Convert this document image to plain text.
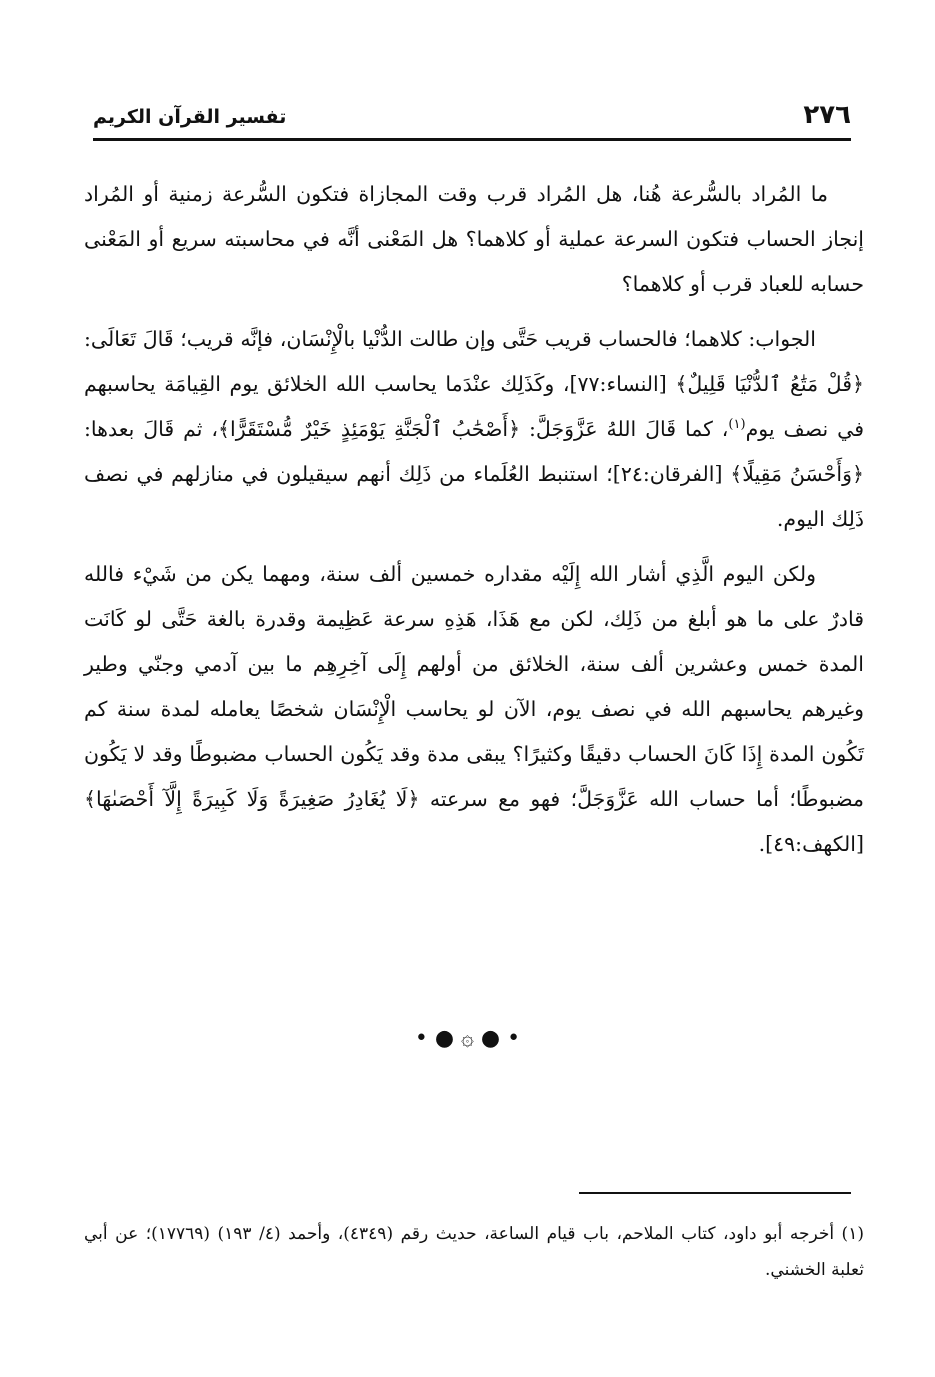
٢٧٦
تفسير القرآن الكريم

ما المُراد بالسُّرعة هُنا، هل المُراد قرب وقت المجازاة فتكون السُّرعة زمنية أو المُراد إنجاز الحساب فتكون السرعة عملية أو كلاهما؟ هل المَعْنى أنَّه في محاسبته سريع أو المَعْنى حسابه للعباد قرب أو كلاهما؟

الجواب: كلاهما؛ فالحساب قريب حَتَّى وإن طالت الدُّنْيا بالْإِنْسَان، فإنَّه قريب؛ قَالَ تَعَالَى: ﴿قُلْ مَتَٰعُ ٱلدُّنْيَا قَلِيلٌ﴾ [النساء:٧٧]، وكَذَلِك عنْدَما يحاسب الله الخلائق يوم القِيامَة يحاسبهم في نصف يوم$^{(١)}$، كما قَالَ اللهُ عَزَّوَجَلَّ: ﴿أَصْحَٰبُ ٱلْجَنَّةِ يَوْمَئِذٍ خَيْرٌ مُّسْتَقَرًّا﴾، ثم قَالَ بعدها: ﴿وَأَحْسَنُ مَقِيلًا﴾ [الفرقان:٢٤]؛ استنبط العُلَماء من ذَلِك أنهم سيقيلون في منازلهم في نصف ذَلِك اليوم.

ولكن اليوم الَّذِي أشار الله إِلَيْه مقداره خمسين ألف سنة، ومهما يكن من شَيْء فالله قادرٌ على ما هو أبلغ من ذَلِك، لكن مع هَذَا، هَذِهِ سرعة عَظِيمة وقدرة بالغة حَتَّى لو كَانَت المدة خمس وعشرين ألف سنة، الخلائق من أولهم إِلَى آخِرِهِم ما بين آدمي وجنّي وطير وغيرهم يحاسبهم الله في نصف يوم، الآن لو يحاسب الْإِنْسَان شخصًا يعامله لمدة سنة كم تَكُون المدة إِذَا كَانَ الحساب دقيقًا وكثيرًا؟ يبقى مدة وقد يَكُون الحساب مضبوطًا وقد لا يَكُون مضبوطًا؛ أما حساب الله عَزَّوَجَلَّ؛ فهو مع سرعته ﴿لَا يُغَادِرُ صَغِيرَةً وَلَا كَبِيرَةً إِلَّآ أَحْصَىٰهَا﴾ [الكهف:٤٩].

• ● ۞ ● •

(١) أخرجه أبو داود، كتاب الملاحم، باب قيام الساعة، حديث رقم (٤٣٤٩)، وأحمد (٤/ ١٩٣) (١٧٧٦٩)؛ عن أبي ثعلبة الخشني.
